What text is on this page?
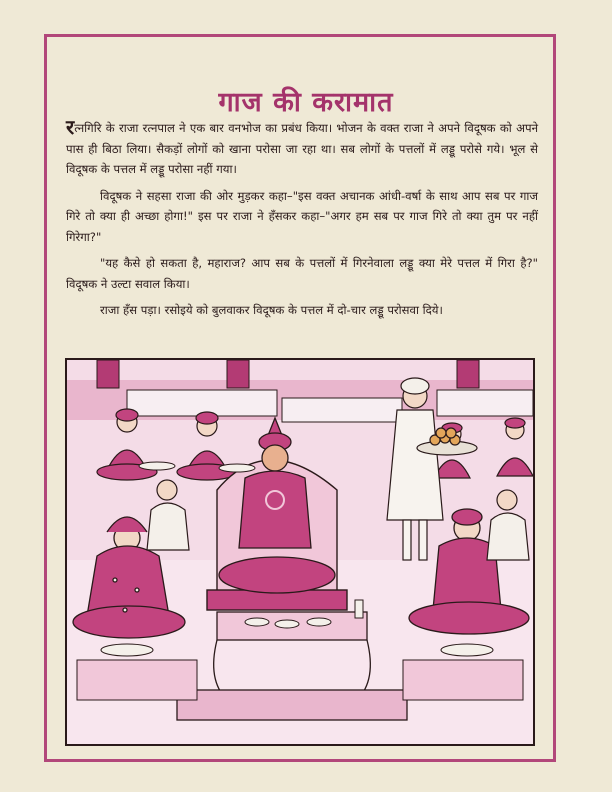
गाज की करामात

रत्नगिरि के राजा रत्नपाल ने एक बार वनभोज का प्रबंध किया। भोजन के वक्त राजा ने अपने विदूषक को अपने पास ही बिठा लिया। सैकड़ों लोगों को खाना परोसा जा रहा था। सब लोगों के पत्तलों में लड्डू परोसे गये। भूल से विदूषक के पत्तल में लड्डू परोसा नहीं गया।

विदूषक ने सहसा राजा की ओर मुड़कर कहा–"इस वक्त अचानक आंधी-वर्षा के साथ आप सब पर गाज गिरे तो क्या ही अच्छा होगा!" इस पर राजा ने हँसकर कहा–"अगर हम सब पर गाज गिरे तो क्या तुम पर नहीं गिरेगा?"

"यह कैसे हो सकता है, महाराज? आप सब के पत्तलों में गिरनेवाला लड्डू क्या मेरे पत्तल में गिरा है?" विदूषक ने उल्टा सवाल किया।

राजा हँस पड़ा। रसोइये को बुलवाकर विदूषक के पत्तल में दो-चार लड्डू परोसवा दिये।
